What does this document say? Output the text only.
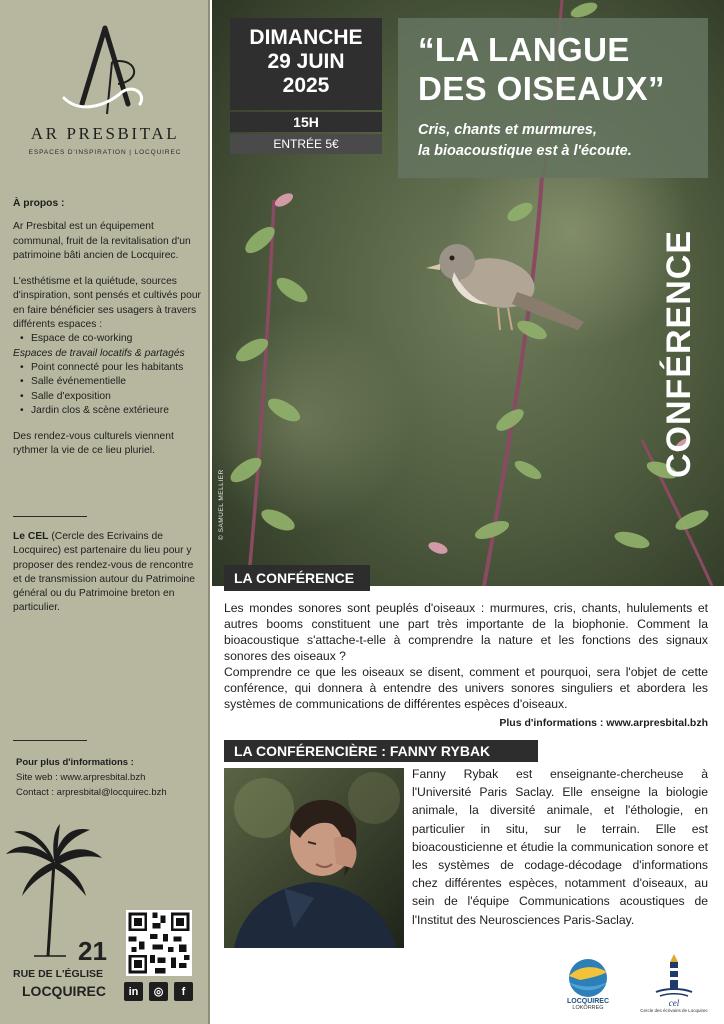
AR PRESBITAL
ESPACES D'INSPIRATION | LOCQUIREC
À propos :

Ar Presbital est un équipement communal, fruit de la revitalisation d'un patrimoine bâti ancien de Locquirec.

L'esthétisme et la quiétude, sources d'inspiration, sont pensés et cultivés pour en faire bénéficier ses usagers à travers différents espaces :

• Espace de co-working
Espaces de travail locatifs & partagés
• Point connecté pour les habitants
• Salle événementielle
• Salle d'exposition
• Jardin clos & scène extérieure

Des rendez-vous culturels viennent rythmer la vie de ce lieu pluriel.

Le CEL (Cercle des Ecrivains de Locquirec) est partenaire du lieu pour y proposer des rendez-vous de rencontre et de transmission autour du Patrimoine général ou du Patrimoine breton en particulier.
Pour plus d'informations :
Site web : www.arpresbital.bzh
Contact : arpresbital@locquirec.bzh
21
RUE DE L'ÉGLISE
LOCQUIREC	in	◎	f
DIMANCHE
29 JUIN
2025
15H
ENTRÉE 5€
“LA LANGUE
DES OISEAUX”
Cris, chants et murmures,
la bioacoustique est à l'écoute.
CONFÉRENCE
© SAMUEL MELLIER
LA CONFÉRENCE

Les mondes sonores sont peuplés d'oiseaux : murmures, cris, chants, hululements et autres booms constituent une part très importante de la biophonie. Comment la bioacoustique s'attache-t-elle à comprendre la nature et les fonctions des signaux sonores des oiseaux ?

Comprendre ce que les oiseaux se disent, comment et pourquoi, sera l'objet de cette conférence, qui donnera à entendre des univers sonores singuliers et abordera les systèmes de communications de différentes espèces d'oiseaux.

Plus d'informations : www.arpresbital.bzh
LA CONFÉRENCIÈRE : FANNY RYBAK
Fanny Rybak est enseignante-chercheuse à l'Université Paris Saclay. Elle enseigne la biologie animale, la diversité animale, et l'éthologie, en particulier in situ, sur le terrain. Elle est bioacousticienne et étudie la communication sonore et les systèmes de codage-décodage d'informations chez différentes espèces, notamment d'oiseaux, au sein de l'équipe Communications acoustiques de l'Institut des Neurosciences Paris-Saclay.
LOCQUIREC
LOKORREG	cel
Cercle des écrivains de Locquirec
